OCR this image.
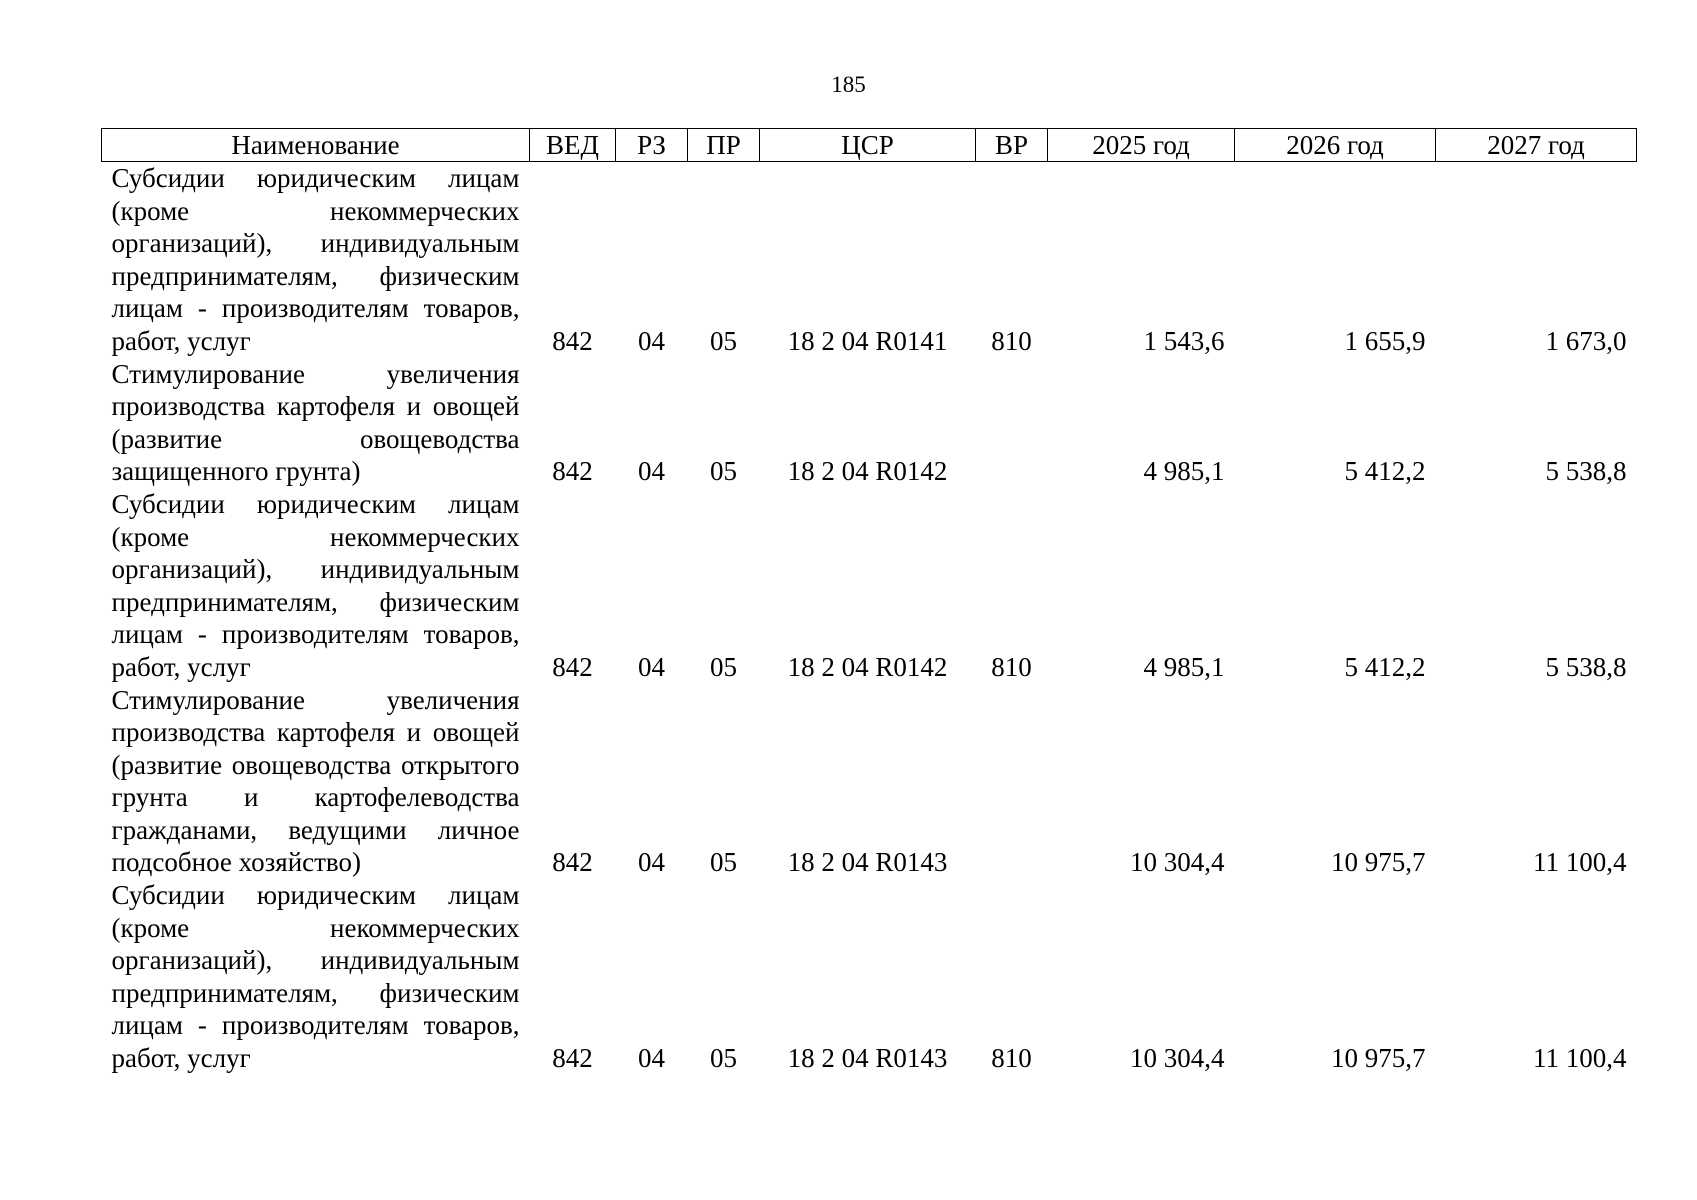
185
Наименование	ВЕД	РЗ	ПР	ЦСР	ВР	2025 год	2026 год	2027 год
Субсидии юридическим лицам (кроме некоммерческих организаций), индивидуальным предпринимателям, физическим лицам - производителям товаров, работ, услуг	842	04	05	18 2 04 R0141	810	1 543,6	1 655,9	1 673,0
Стимулирование увеличения производства картофеля и овощей (развитие овощеводства защищенного грунта)	842	04	05	18 2 04 R0142		4 985,1	5 412,2	5 538,8
Субсидии юридическим лицам (кроме некоммерческих организаций), индивидуальным предпринимателям, физическим лицам - производителям товаров, работ, услуг	842	04	05	18 2 04 R0142	810	4 985,1	5 412,2	5 538,8
Стимулирование увеличения производства картофеля и овощей (развитие овощеводства открытого грунта и картофелеводства гражданами, ведущими личное подсобное хозяйство)	842	04	05	18 2 04 R0143		10 304,4	10 975,7	11 100,4
Субсидии юридическим лицам (кроме некоммерческих организаций), индивидуальным предпринимателям, физическим лицам - производителям товаров, работ, услуг	842	04	05	18 2 04 R0143	810	10 304,4	10 975,7	11 100,4
